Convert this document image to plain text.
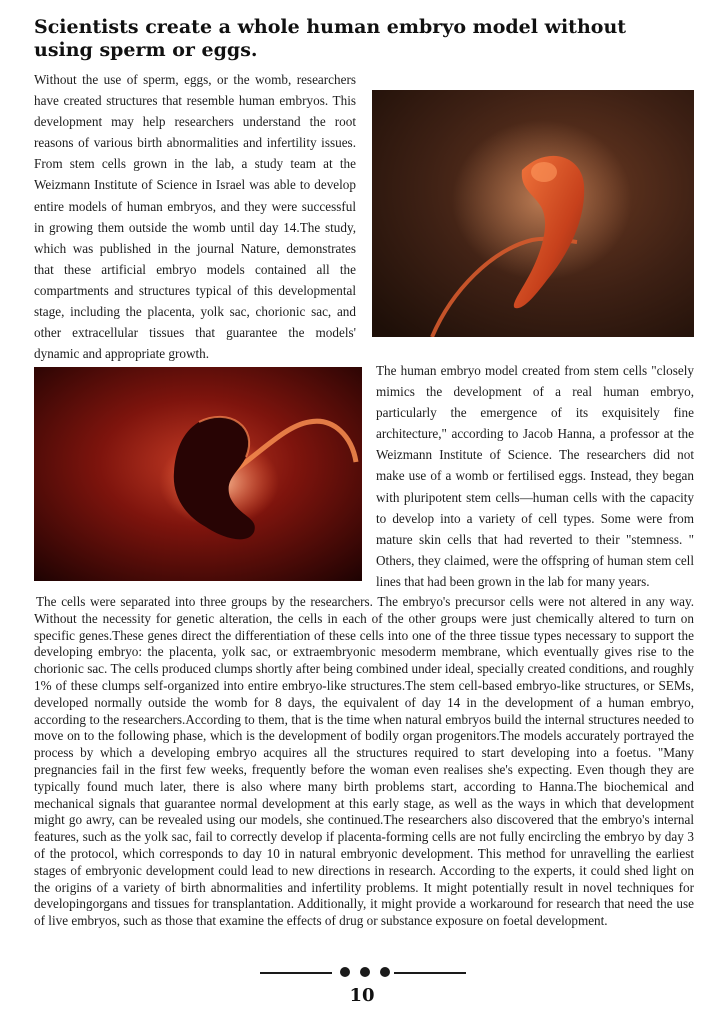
Scientists create a whole human embryo model without using sperm or eggs.

Without the use of sperm, eggs, or the womb, researchers have created structures that resemble human embryos. This development may help researchers understand the root reasons of various birth abnormalities and infertility issues. From stem cells grown in the lab, a study team at the Weizmann Institute of Science in Israel was able to develop entire models of human embryos, and they were successful in growing them outside the womb until day 14.The study, which was published in the journal Nature, demonstrates that these artificial embryo models contained all the compartments and structures typical of this developmental stage, including the placenta, yolk sac, chorionic sac, and other extracellular tissues that guarantee the models' dynamic and appropriate growth.

The human embryo model created from stem cells "closely mimics the development of a real human embryo, particularly the emergence of its exquisitely fine architecture," according to Jacob Hanna, a professor at the Weizmann Institute of Science. The researchers did not make use of a womb or fertilised eggs. Instead, they began with pluripotent stem cells—human cells with the capacity to develop into a variety of cell types. Some were from mature skin cells that had reverted to their "stemness. " Others, they claimed, were the offspring of human stem cell lines that had been grown in the lab for many years.

The cells were separated into three groups by the researchers. The embryo's precursor cells were not altered in any way. Without the necessity for genetic alteration, the cells in each of the other groups were just chemically altered to turn on specific genes.These genes direct the differentiation of these cells into one of the three tissue types necessary to support the developing embryo: the placenta, yolk sac, or extraembryonic mesoderm membrane, which eventually gives rise to the chorionic sac. The cells produced clumps shortly after being combined under ideal, specially created conditions, and roughly 1% of these clumps self-organized into entire embryo-like structures.The stem cell-based embryo-like structures, or SEMs, developed normally outside the womb for 8 days, the equivalent of day 14 in the development of a human embryo, according to the researchers.According to them, that is the time when natural embryos build the internal structures needed to move on to the following phase, which is the development of bodily organ progenitors.The models accurately portrayed the process by which a developing embryo acquires all the structures required to start developing into a foetus. "Many pregnancies fail in the first few weeks, frequently before the woman even realises she's expecting. Even though they are typically found much later, there is also where many birth problems start, according to Hanna.The biochemical and mechanical signals that guarantee normal development at this early stage, as well as the ways in which that development might go awry, can be revealed using our models, she continued.The researchers also discovered that the embryo's internal features, such as the yolk sac, fail to correctly develop if placenta-forming cells are not fully encircling the embryo by day 3 of the protocol, which corresponds to day 10 in natural embryonic development. This method for unravelling the earliest stages of embryonic development could lead to new directions in research. According to the experts, it could shed light on the origins of a variety of birth abnormalities and infertility problems. It might potentially result in novel techniques for developingorgans and tissues for transplantation. Additionally, it might provide a workaround for research that need the use of live embryos, such as those that examine the effects of drug or substance exposure on foetal development.

10
